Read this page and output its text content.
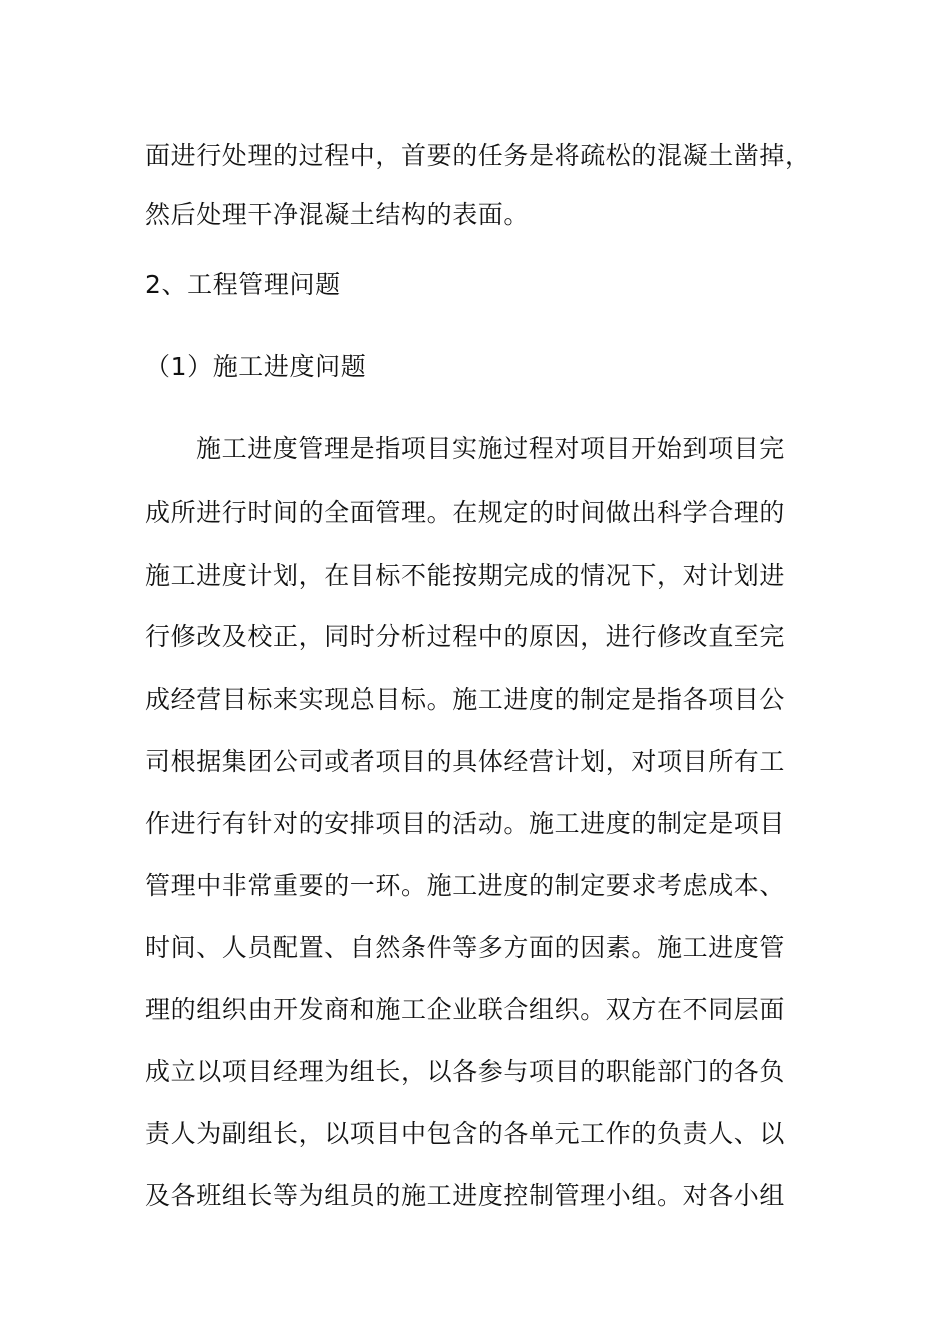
面进行处理的过程中，首要的任务是将疏松的混凝土凿掉，
然后处理干净混凝土结构的表面。
2、工程管理问题
（1）施工进度问题
施工进度管理是指项目实施过程对项目开始到项目完
成所进行时间的全面管理。在规定的时间做出科学合理的
施工进度计划，在目标不能按期完成的情况下，对计划进
行修改及校正，同时分析过程中的原因，进行修改直至完
成经营目标来实现总目标。施工进度的制定是指各项目公
司根据集团公司或者项目的具体经营计划，对项目所有工
作进行有针对的安排项目的活动。施工进度的制定是项目
管理中非常重要的一环。施工进度的制定要求考虑成本、
时间、人员配置、自然条件等多方面的因素。施工进度管
理的组织由开发商和施工企业联合组织。双方在不同层面
成立以项目经理为组长，以各参与项目的职能部门的各负
责人为副组长，以项目中包含的各单元工作的负责人、以
及各班组长等为组员的施工进度控制管理小组。对各小组
